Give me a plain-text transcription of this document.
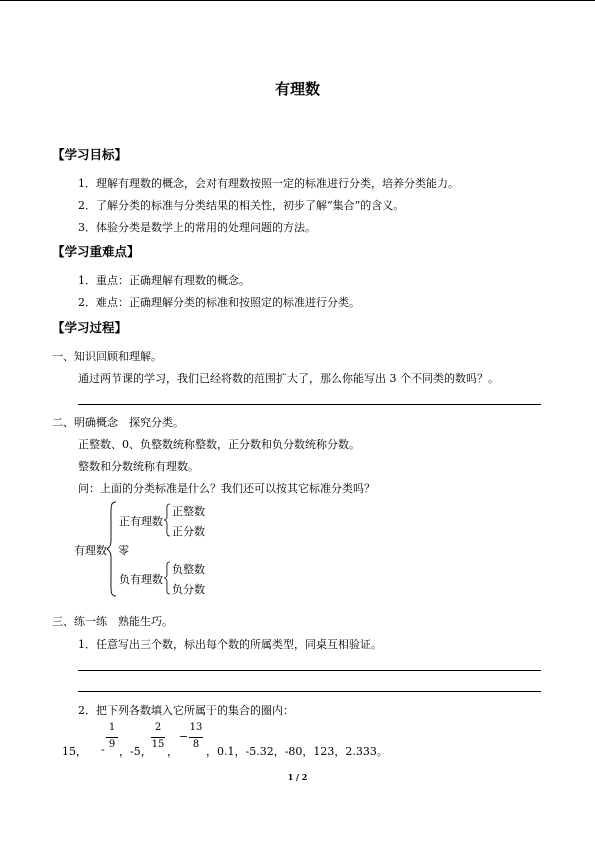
有理数
【学习目标】
1．理解有理数的概念，会对有理数按照一定的标准进行分类，培养分类能力。
2．了解分类的标准与分类结果的相关性，初步了解“集合”的含义。
3．体验分类是数学上的常用的处理问题的方法。
【学习重难点】
1．重点：正确理解有理数的概念。
2．难点：正确理解分类的标准和按照定的标准进行分类。
【学习过程】
一、知识回顾和理解。
通过两节课的学习，我们已经将数的范围扩大了，那么你能写出 3 个不同类的数吗？。
二、明确概念　探究分类。
正整数、0、负整数统称整数，正分数和负分数统称分数。
整数和分数统称有理数。
问：上面的分类标准是什么？我们还可以按其它标准分类吗？
有理数
正有理数
零
负有理数
正整数
正分数
负整数
负分数
三、练一练　熟能生巧。
1．任意写出三个数，标出每个数的所属类型，同桌互相验证。
2．把下列各数填入它所属于的集合的圈内：
15， -
1
9
，-5，
2
15
，
−
13
8
，0.1，-5.32，-80，123，2.333。
1 / 2
